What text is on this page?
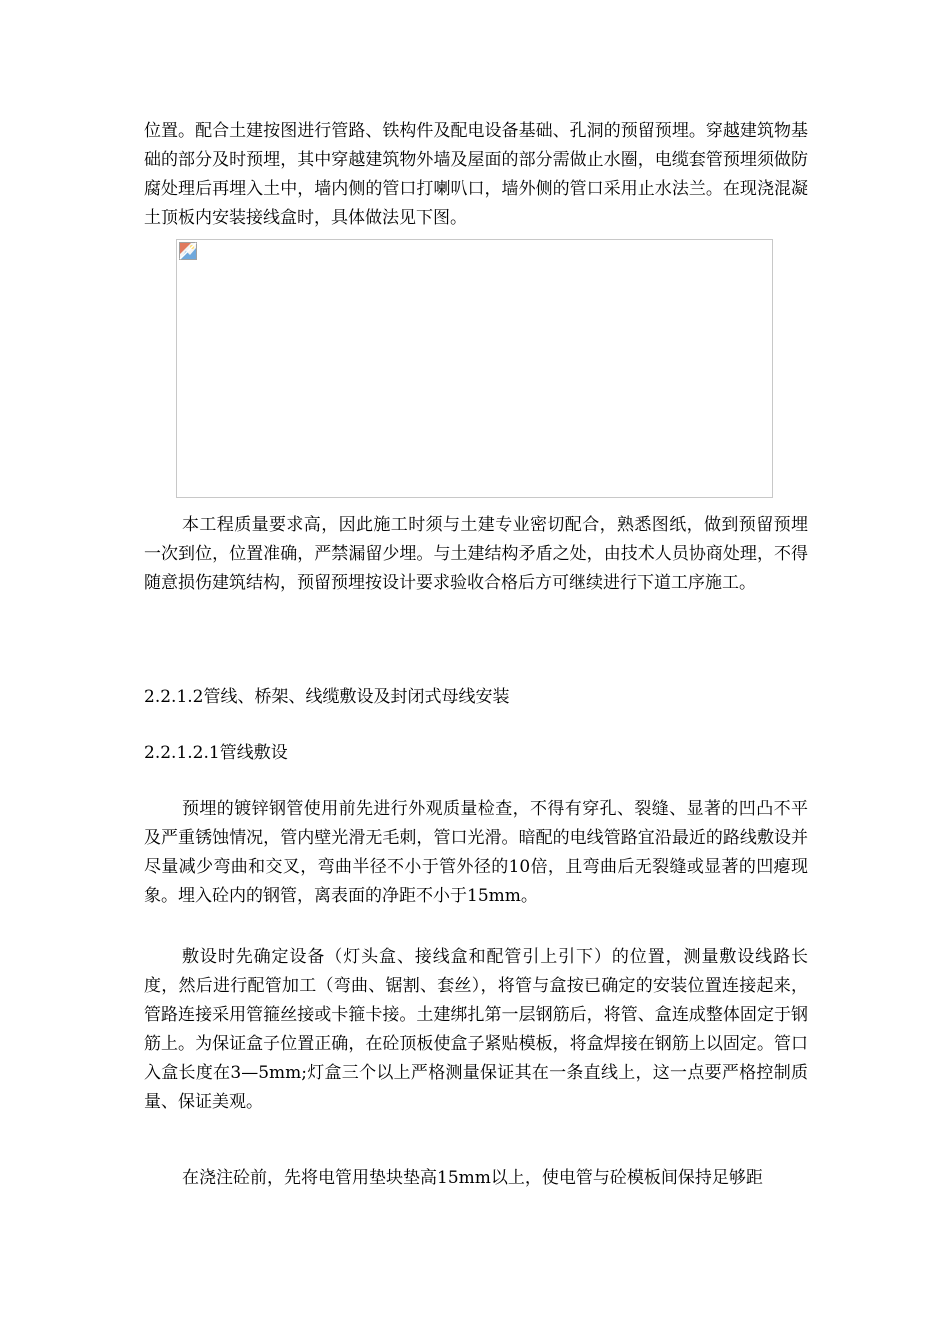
位置。配合土建按图进行管路、铁构件及配电设备基础、孔洞的预留预埋。穿越建筑物基础的部分及时预埋，其中穿越建筑物外墙及屋面的部分需做止水圈，电缆套管预埋须做防腐处理后再埋入土中，墙内侧的管口打喇叭口，墙外侧的管口采用止水法兰。在现浇混凝土顶板内安装接线盒时，具体做法见下图。

本工程质量要求高，因此施工时须与土建专业密切配合，熟悉图纸，做到预留预埋一次到位，位置准确，严禁漏留少埋。与土建结构矛盾之处，由技术人员协商处理，不得随意损伤建筑结构，预留预埋按设计要求验收合格后方可继续进行下道工序施工。

2.2.1.2管线、桥架、线缆敷设及封闭式母线安装
2.2.1.2.1管线敷设

预埋的镀锌钢管使用前先进行外观质量检查，不得有穿孔、裂缝、显著的凹凸不平及严重锈蚀情况，管内壁光滑无毛刺，管口光滑。暗配的电线管路宜沿最近的路线敷设并尽量减少弯曲和交叉，弯曲半径不小于管外径的10倍，且弯曲后无裂缝或显著的凹瘪现象。埋入砼内的钢管，离表面的净距不小于15mm。

敷设时先确定设备（灯头盒、接线盒和配管引上引下）的位置，测量敷设线路长度，然后进行配管加工（弯曲、锯割、套丝），将管与盒按已确定的安装位置连接起来，管路连接采用管箍丝接或卡箍卡接。土建绑扎第一层钢筋后，将管、盒连成整体固定于钢筋上。为保证盒子位置正确，在砼顶板使盒子紧贴模板，将盒焊接在钢筋上以固定。管口入盒长度在3—5mm;灯盒三个以上严格测量保证其在一条直线上，这一点要严格控制质量、保证美观。

在浇注砼前，先将电管用垫块垫高15mm以上，使电管与砼模板间保持足够距
